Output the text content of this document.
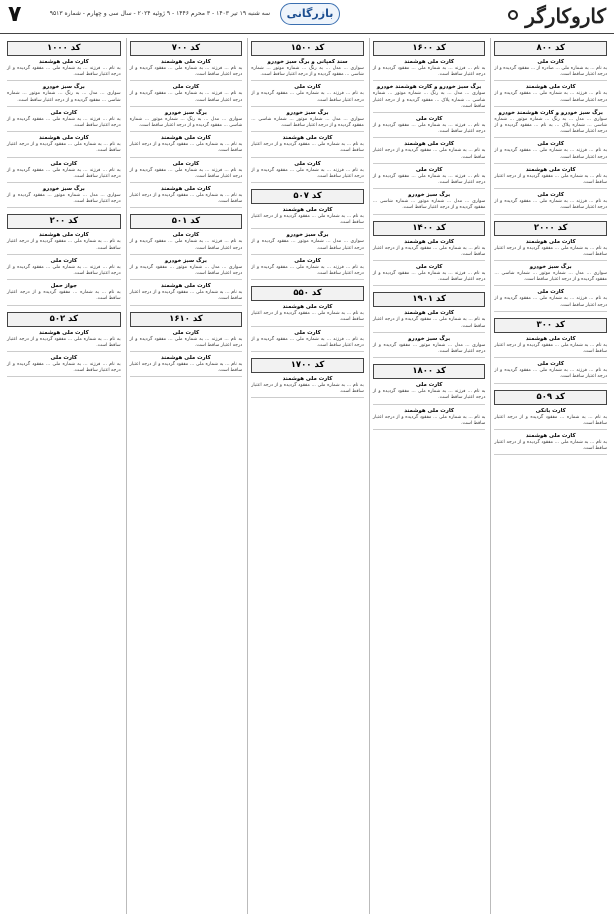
کاروکارگر
بازرگانی
سه شنبه ۱۹ تیر ۱۴۰۳ - ۳ محرم ۱۴۴۶ - ۹ ژوئیه ۲۰۲۴ - سال سی و چهارم - شماره ۹۵۱۳
۷
کد ۸۰۰
کارت ملی
به نام ... به شماره ملی ... صادره از ... مفقود گردیده و از درجه اعتبار ساقط است.
کارت ملی هوشمند
به نام ... فرزند ... به شماره ملی ... مفقود گردیده و از درجه اعتبار ساقط است.
برگ سبز خودرو و کارت هوشمند خودرو
سواری ... مدل ... به رنگ ... شماره موتور ... شماره شاسی ... شماره پلاک ... به نام ... مفقود گردیده و از درجه اعتبار ساقط است.
کارت ملی
به نام ... فرزند ... به شماره ملی ... مفقود گردیده و از درجه اعتبار ساقط است.
کارت ملی هوشمند
به نام ... به شماره ملی ... مفقود گردیده و از درجه اعتبار ساقط است.
کارت ملی
به نام ... فرزند ... به شماره ملی ... مفقود گردیده و از درجه اعتبار ساقط است.
کد ۲۰۰۰
کارت ملی هوشمند
به نام ... به شماره ملی ... مفقود گردیده و از درجه اعتبار ساقط است.
برگ سبز خودرو
سواری ... مدل ... شماره موتور ... شماره شاسی ... مفقود گردیده و از درجه اعتبار ساقط است.
کارت ملی
به نام ... فرزند ... به شماره ملی ... مفقود گردیده و از درجه اعتبار ساقط است.
کد ۳۰۰
کارت ملی هوشمند
به نام ... به شماره ملی ... مفقود گردیده و از درجه اعتبار ساقط است.
کارت ملی
به نام ... فرزند ... به شماره ملی ... مفقود گردیده و از درجه اعتبار ساقط است.
کد ۵۰۹
کارت بانکی
به نام ... به شماره ... مفقود گردیده و از درجه اعتبار ساقط است.
کارت ملی هوشمند
به نام ... به شماره ملی ... مفقود گردیده و از درجه اعتبار ساقط است.
کد ۱۶۰۰
کارت ملی هوشمند
به نام ... فرزند ... به شماره ملی ... مفقود گردیده و از درجه اعتبار ساقط است.
برگ سبز خودرو و کارت هوشمند خودرو
سواری ... مدل ... به رنگ ... شماره موتور ... شماره شاسی ... شماره پلاک ... مفقود گردیده و از درجه اعتبار ساقط است.
کارت ملی
به نام ... فرزند ... به شماره ملی ... مفقود گردیده و از درجه اعتبار ساقط است.
کارت ملی هوشمند
به نام ... به شماره ملی ... مفقود گردیده و از درجه اعتبار ساقط است.
کارت ملی
به نام ... فرزند ... به شماره ملی ... مفقود گردیده و از درجه اعتبار ساقط است.
برگ سبز خودرو
سواری ... مدل ... شماره موتور ... شماره شاسی ... مفقود گردیده و از درجه اعتبار ساقط است.
کد ۱۴۰۰
کارت ملی هوشمند
به نام ... به شماره ملی ... مفقود گردیده و از درجه اعتبار ساقط است.
کارت ملی
به نام ... فرزند ... به شماره ملی ... مفقود گردیده و از درجه اعتبار ساقط است.
کد ۱۹۰۱
کارت ملی هوشمند
به نام ... به شماره ملی ... مفقود گردیده و از درجه اعتبار ساقط است.
برگ سبز خودرو
سواری ... مدل ... شماره موتور ... مفقود گردیده و از درجه اعتبار ساقط است.
کد ۱۸۰۰
کارت ملی
به نام ... فرزند ... به شماره ملی ... مفقود گردیده و از درجه اعتبار ساقط است.
کارت ملی هوشمند
به نام ... به شماره ملی ... مفقود گردیده و از درجه اعتبار ساقط است.
کد ۱۵۰۰
سند کمپانی و برگ سبز خودرو
سواری ... مدل ... به رنگ ... شماره موتور ... شماره شاسی ... مفقود گردیده و از درجه اعتبار ساقط است.
کارت ملی
به نام ... فرزند ... به شماره ملی ... مفقود گردیده و از درجه اعتبار ساقط است.
برگ سبز خودرو
سواری ... مدل ... شماره موتور ... شماره شاسی ... مفقود گردیده و از درجه اعتبار ساقط است.
کارت ملی هوشمند
به نام ... به شماره ملی ... مفقود گردیده و از درجه اعتبار ساقط است.
کارت ملی
به نام ... فرزند ... به شماره ملی ... مفقود گردیده و از درجه اعتبار ساقط است.
کد ۵۰۷
کارت ملی هوشمند
به نام ... به شماره ملی ... مفقود گردیده و از درجه اعتبار ساقط است.
برگ سبز خودرو
سواری ... مدل ... شماره موتور ... مفقود گردیده و از درجه اعتبار ساقط است.
کارت ملی
به نام ... فرزند ... به شماره ملی ... مفقود گردیده و از درجه اعتبار ساقط است.
کد ۵۵۰
کارت ملی هوشمند
به نام ... به شماره ملی ... مفقود گردیده و از درجه اعتبار ساقط است.
کارت ملی
به نام ... فرزند ... به شماره ملی ... مفقود گردیده و از درجه اعتبار ساقط است.
کد ۱۷۰۰
کارت ملی هوشمند
به نام ... به شماره ملی ... مفقود گردیده و از درجه اعتبار ساقط است.
کد ۷۰۰
کارت ملی هوشمند
به نام ... فرزند ... به شماره ملی ... مفقود گردیده و از درجه اعتبار ساقط است.
کارت ملی
به نام ... فرزند ... به شماره ملی ... مفقود گردیده و از درجه اعتبار ساقط است.
برگ سبز خودرو
سواری ... مدل ... به رنگ ... شماره موتور ... شماره شاسی ... مفقود گردیده و از درجه اعتبار ساقط است.
کارت ملی هوشمند
به نام ... به شماره ملی ... مفقود گردیده و از درجه اعتبار ساقط است.
کارت ملی
به نام ... فرزند ... به شماره ملی ... مفقود گردیده و از درجه اعتبار ساقط است.
کارت ملی هوشمند
به نام ... به شماره ملی ... مفقود گردیده و از درجه اعتبار ساقط است.
کد ۵۰۱
کارت ملی
به نام ... فرزند ... به شماره ملی ... مفقود گردیده و از درجه اعتبار ساقط است.
برگ سبز خودرو
سواری ... مدل ... شماره موتور ... مفقود گردیده و از درجه اعتبار ساقط است.
کارت ملی هوشمند
به نام ... به شماره ملی ... مفقود گردیده و از درجه اعتبار ساقط است.
کد ۱۶۱۰
کارت ملی
به نام ... فرزند ... به شماره ملی ... مفقود گردیده و از درجه اعتبار ساقط است.
کارت ملی هوشمند
به نام ... به شماره ملی ... مفقود گردیده و از درجه اعتبار ساقط است.
کد ۱۰۰۰
کارت ملی هوشمند
به نام ... فرزند ... به شماره ملی ... مفقود گردیده و از درجه اعتبار ساقط است.
برگ سبز خودرو
سواری ... مدل ... به رنگ ... شماره موتور ... شماره شاسی ... مفقود گردیده و از درجه اعتبار ساقط است.
کارت ملی
به نام ... فرزند ... به شماره ملی ... مفقود گردیده و از درجه اعتبار ساقط است.
کارت ملی هوشمند
به نام ... به شماره ملی ... مفقود گردیده و از درجه اعتبار ساقط است.
کارت ملی
به نام ... فرزند ... به شماره ملی ... مفقود گردیده و از درجه اعتبار ساقط است.
برگ سبز خودرو
سواری ... مدل ... شماره موتور ... مفقود گردیده و از درجه اعتبار ساقط است.
کد ۲۰۰
کارت ملی هوشمند
به نام ... به شماره ملی ... مفقود گردیده و از درجه اعتبار ساقط است.
کارت ملی
به نام ... فرزند ... به شماره ملی ... مفقود گردیده و از درجه اعتبار ساقط است.
جواز حمل
به نام ... به شماره ... مفقود گردیده و از درجه اعتبار ساقط است.
کد ۵۰۲
کارت ملی هوشمند
به نام ... به شماره ملی ... مفقود گردیده و از درجه اعتبار ساقط است.
کارت ملی
به نام ... فرزند ... به شماره ملی ... مفقود گردیده و از درجه اعتبار ساقط است.
